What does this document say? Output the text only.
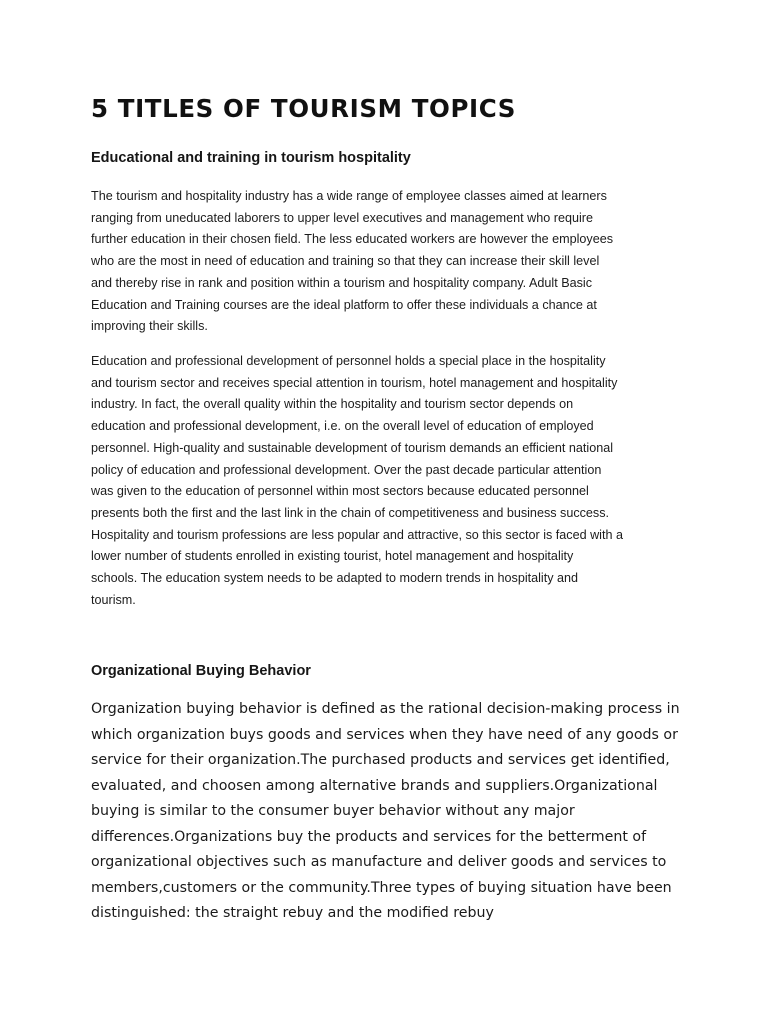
5 TITLES OF TOURISM TOPICS
Educational and training in tourism hospitality

The tourism and hospitality industry has a wide range of employee classes aimed at learners
ranging from uneducated laborers to upper level executives and management who require
further education in their chosen field. The less educated workers are however the employees
who are the most in need of education and training so that they can increase their skill level
and thereby rise in rank and position within a tourism and hospitality company. Adult Basic
Education and Training courses are the ideal platform to offer these individuals a chance at
improving their skills.

Education and professional development of personnel holds a special place in the hospitality
and tourism sector and receives special attention in tourism, hotel management and hospitality
industry. In fact, the overall quality within the hospitality and tourism sector depends on
education and professional development, i.e. on the overall level of education of employed
personnel. High-quality and sustainable development of tourism demands an efficient national
policy of education and professional development. Over the past decade particular attention
was given to the education of personnel within most sectors because educated personnel
presents both the first and the last link in the chain of competitiveness and business success.
Hospitality and tourism professions are less popular and attractive, so this sector is faced with a
lower number of students enrolled in existing tourist, hotel management and hospitality
schools. The education system needs to be adapted to modern trends in hospitality and
tourism.

Organizational Buying Behavior

Organization buying behavior is defined as the rational decision-making process in
which organization buys goods and services when they have need of any goods or
service for their organization.The purchased products and services get identified,
evaluated, and choosen among alternative brands and suppliers.Organizational
buying is similar to the consumer buyer behavior without any major
differences.Organizations buy the products and services for the betterment of
organizational objectives such as manufacture and deliver goods and services to
members,customers or the community.Three types of buying situation have been
distinguished: the straight rebuy and the modified rebuy
